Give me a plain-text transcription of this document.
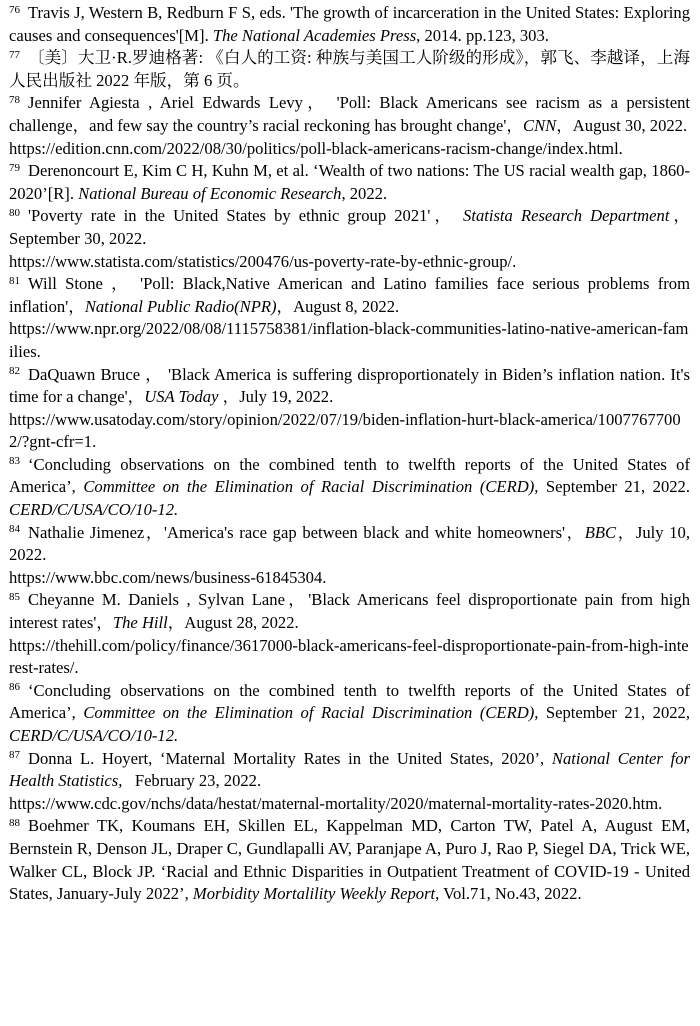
$^{76}$ Travis J, Western B, Redburn F S, eds. 'The growth of incarceration in the United States: Exploring causes and consequences'[M]. The National Academies Press, 2014. pp.123, 303.

$^{77}$ 〔美〕大卫·R.罗迪格著: 《白人的工资: 种族与美国工人阶级的形成》，郭飞、李越译，上海人民出版社 2022 年版，第 6 页。

$^{78}$ Jennifer Agiesta , Ariel Edwards Levy， 'Poll: Black Americans see racism as a persistent challenge，and few say the country’s racial reckoning has brought change'，CNN，August 30, 2022.
https://edition.cnn.com/2022/08/30/politics/poll-black-americans-racism-change/index.html.

$^{79}$ Derenoncourt E, Kim C H, Kuhn M, et al. ‘Wealth of two nations: The US racial wealth gap, 1860-2020’[R]. National Bureau of Economic Research, 2022.

$^{80}$ 'Poverty rate in the United States by ethnic group 2021'， Statista Research Department，September 30, 2022.
https://www.statista.com/statistics/200476/us-poverty-rate-by-ethnic-group/.

$^{81}$ Will Stone ， 'Poll: Black,Native American and Latino families face serious problems from inflation'，National Public Radio(NPR)，August 8, 2022.
https://www.npr.org/2022/08/08/1115758381/inflation-black-communities-latino-native-american-families.

$^{82}$ DaQuawn Bruce ， 'Black America is suffering disproportionately in Biden’s inflation nation. It's time for a change'，USA Today ，July 19, 2022.
https://www.usatoday.com/story/opinion/2022/07/19/biden-inflation-hurt-black-america/10077677002/?gnt-cfr=1.

$^{83}$ ‘Concluding observations on the combined tenth to twelfth reports of the United States of America’, Committee on the Elimination of Racial Discrimination (CERD), September 21, 2022. CERD/C/USA/CO/10-12.

$^{84}$ Nathalie Jimenez，'America's race gap between black and white homeowners'，BBC，July 10, 2022.
https://www.bbc.com/news/business-61845304.

$^{85}$ Cheyanne M. Daniels , Sylvan Lane，'Black Americans feel disproportionate pain from high interest rates'，The Hill，August 28, 2022.
https://thehill.com/policy/finance/3617000-black-americans-feel-disproportionate-pain-from-high-interest-rates/.

$^{86}$ ‘Concluding observations on the combined tenth to twelfth reports of the United States of America’, Committee on the Elimination of Racial Discrimination (CERD), September 21, 2022, CERD/C/USA/CO/10-12.

$^{87}$ Donna L. Hoyert, ‘Maternal Mortality Rates in the United States, 2020’, National Center for Health Statistics,   February 23, 2022.
https://www.cdc.gov/nchs/data/hestat/maternal-mortality/2020/maternal-mortality-rates-2020.htm.

$^{88}$ Boehmer TK, Koumans EH, Skillen EL, Kappelman MD, Carton TW, Patel A, August EM, Bernstein R, Denson JL, Draper C, Gundlapalli AV, Paranjape A, Puro J, Rao P, Siegel DA, Trick WE, Walker CL, Block JP. ‘Racial and Ethnic Disparities in Outpatient Treatment of COVID-19 - United States, January-July 2022’, Morbidity Mortalility Weekly Report, Vol.71, No.43, 2022.
